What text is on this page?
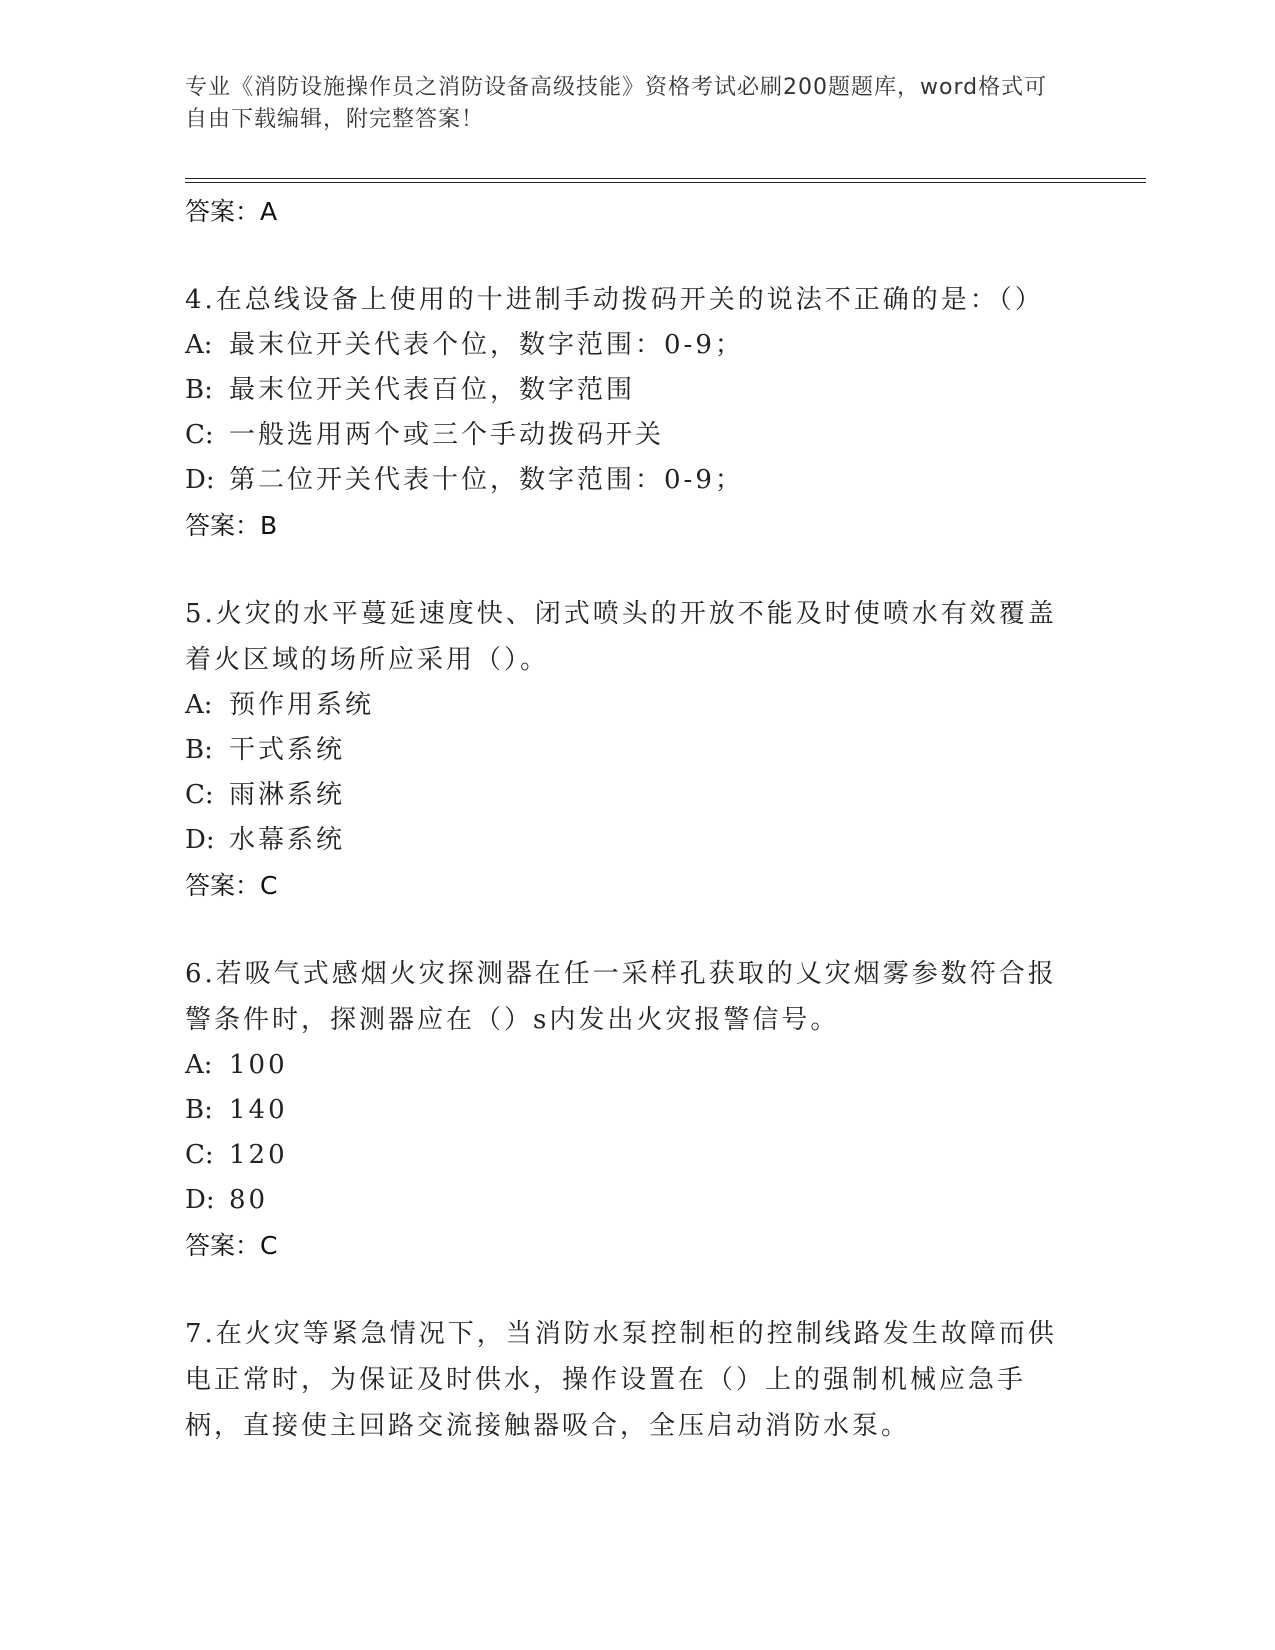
专业《消防设施操作员之消防设备高级技能》资格考试必刷200题题库，word格式可自由下载编辑，附完整答案！
答案：A

4.在总线设备上使用的十进制手动拨码开关的说法不正确的是：（）

A: 最末位开关代表个位，数字范围：0-9；
B: 最末位开关代表百位，数字范围
C: 一般选用两个或三个手动拨码开关
D: 第二位开关代表十位，数字范围：0-9；
答案：B

5.火灾的水平蔓延速度快、闭式喷头的开放不能及时使喷水有效覆盖着火区域的场所应采用（）。

A: 预作用系统
B: 干式系统
C: 雨淋系统
D: 水幕系统
答案：C

6.若吸气式感烟火灾探测器在任一采样孔获取的乂灾烟雾参数符合报警条件时，探测器应在（）s内发出火灾报警信号。

A: 100
B: 140
C: 120
D: 80
答案：C

7.在火灾等紧急情况下，当消防水泵控制柜的控制线路发生故障而供电正常时，为保证及时供水，操作设置在（）上的强制机械应急手柄，直接使主回路交流接触器吸合，全压启动消防水泵。
